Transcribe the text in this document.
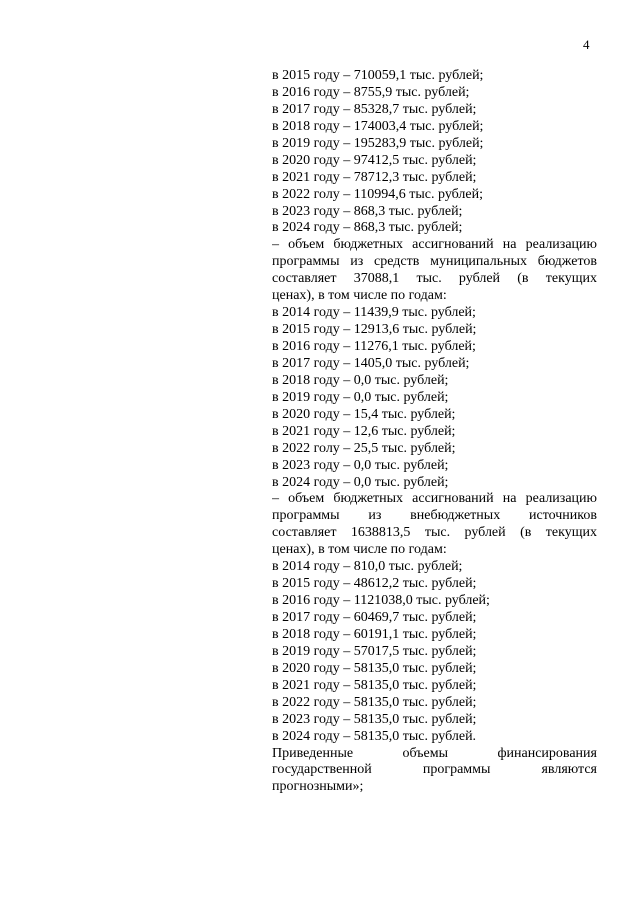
4
в 2015 году – 710059,1 тыс. рублей;
в 2016 году – 8755,9 тыс. рублей;
в 2017 году – 85328,7 тыс. рублей;
в 2018 году – 174003,4 тыс. рублей;
в 2019 году – 195283,9 тыс. рублей;
в 2020 году – 97412,5 тыс. рублей;
в 2021 году – 78712,3 тыс. рублей;
в 2022 голу – 110994,6 тыс. рублей;
в 2023 году – 868,3 тыс. рублей;
в 2024 году – 868,3 тыс. рублей;
– объем бюджетных ассигнований на реализацию
программы из средств муниципальных бюджетов
составляет 37088,1 тыс. рублей (в текущих
ценах), в том числе по годам:
в 2014 году – 11439,9 тыс. рублей;
в 2015 году – 12913,6 тыс. рублей;
в 2016 году – 11276,1 тыс. рублей;
в 2017 году – 1405,0 тыс. рублей;
в 2018 году – 0,0 тыс. рублей;
в 2019 году – 0,0 тыс. рублей;
в 2020 году – 15,4 тыс. рублей;
в 2021 году – 12,6 тыс. рублей;
в 2022 голу – 25,5 тыс. рублей;
в 2023 году – 0,0 тыс. рублей;
в 2024 году – 0,0 тыс. рублей;
– объем бюджетных ассигнований на реализацию
программы из внебюджетных источников
составляет 1638813,5 тыс. рублей (в текущих
ценах), в том числе по годам:
в 2014 году – 810,0 тыс. рублей;
в 2015 году – 48612,2 тыс. рублей;
в 2016 году – 1121038,0 тыс. рублей;
в 2017 году – 60469,7 тыс. рублей;
в 2018 году – 60191,1 тыс. рублей;
в 2019 году – 57017,5 тыс. рублей;
в 2020 году – 58135,0 тыс. рублей;
в 2021 году – 58135,0 тыс. рублей;
в 2022 году – 58135,0 тыс. рублей;
в 2023 году – 58135,0 тыс. рублей;
в 2024 году – 58135,0 тыс. рублей.
Приведенные объемы финансирования
государственной программы являются
прогнозными»;
